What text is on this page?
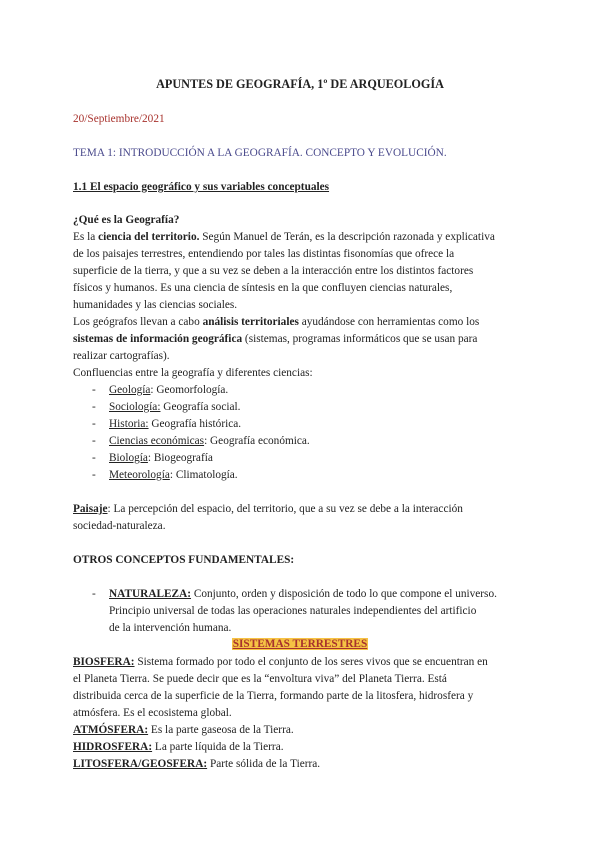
APUNTES DE GEOGRAFÍA, 1º DE ARQUEOLOGÍA
20/Septiembre/2021
TEMA 1: INTRODUCCIÓN A LA GEOGRAFÍA. CONCEPTO Y EVOLUCIÓN.
1.1 El espacio geográfico y sus variables conceptuales
¿Qué es la Geografía?
Es la ciencia del territorio. Según Manuel de Terán, es la descripción razonada y explicativa
de los paisajes terrestres, entendiendo por tales las distintas fisonomías que ofrece la
superficie de la tierra, y que a su vez se deben a la interacción entre los distintos factores
físicos y humanos. Es una ciencia de síntesis en la que confluyen ciencias naturales,
humanidades y las ciencias sociales.
Los geógrafos llevan a cabo análisis territoriales ayudándose con herramientas como los
sistemas de información geográfica (sistemas, programas informáticos que se usan para
realizar cartografías).
Confluencias entre la geografía y diferentes ciencias:
- Geología: Geomorfología.
- Sociología: Geografía social.
- Historia: Geografía histórica.
- Ciencias económicas: Geografía económica.
- Biología: Biogeografía
- Meteorología: Climatología.
Paisaje: La percepción del espacio, del territorio, que a su vez se debe a la interacción
sociedad-naturaleza.
OTROS CONCEPTOS FUNDAMENTALES:
- NATURALEZA: Conjunto, orden y disposición de todo lo que compone el universo.
Principio universal de todas las operaciones naturales independientes del artificio
de la intervención humana.
SISTEMAS TERRESTRES
BIOSFERA: Sistema formado por todo el conjunto de los seres vivos que se encuentran en
el Planeta Tierra. Se puede decir que es la “envoltura viva” del Planeta Tierra. Está
distribuida cerca de la superficie de la Tierra, formando parte de la litosfera, hidrosfera y
atmósfera. Es el ecosistema global.
ATMÓSFERA: Es la parte gaseosa de la Tierra.
HIDROSFERA: La parte líquida de la Tierra.
LITOSFERA/GEOSFERA: Parte sólida de la Tierra.
